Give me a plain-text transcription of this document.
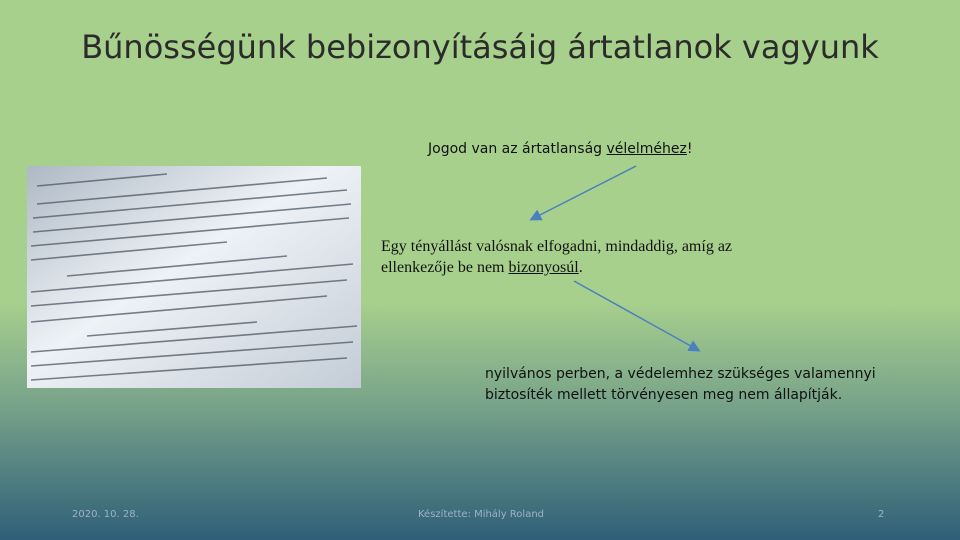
Bűnösségünk bebizonyításáig ártatlanok vagyunk
Jogod van az ártatlanság vélelméhez!
Egy tényállást valósnak elfogadni, mindaddig, amíg az ellenkezője be nem bizonyosúl.
nyilvános perben, a védelemhez szükséges valamennyi biztosíték mellett törvényesen meg nem állapítják.
2020. 10. 28.	Készítette: Mihály Roland	2
